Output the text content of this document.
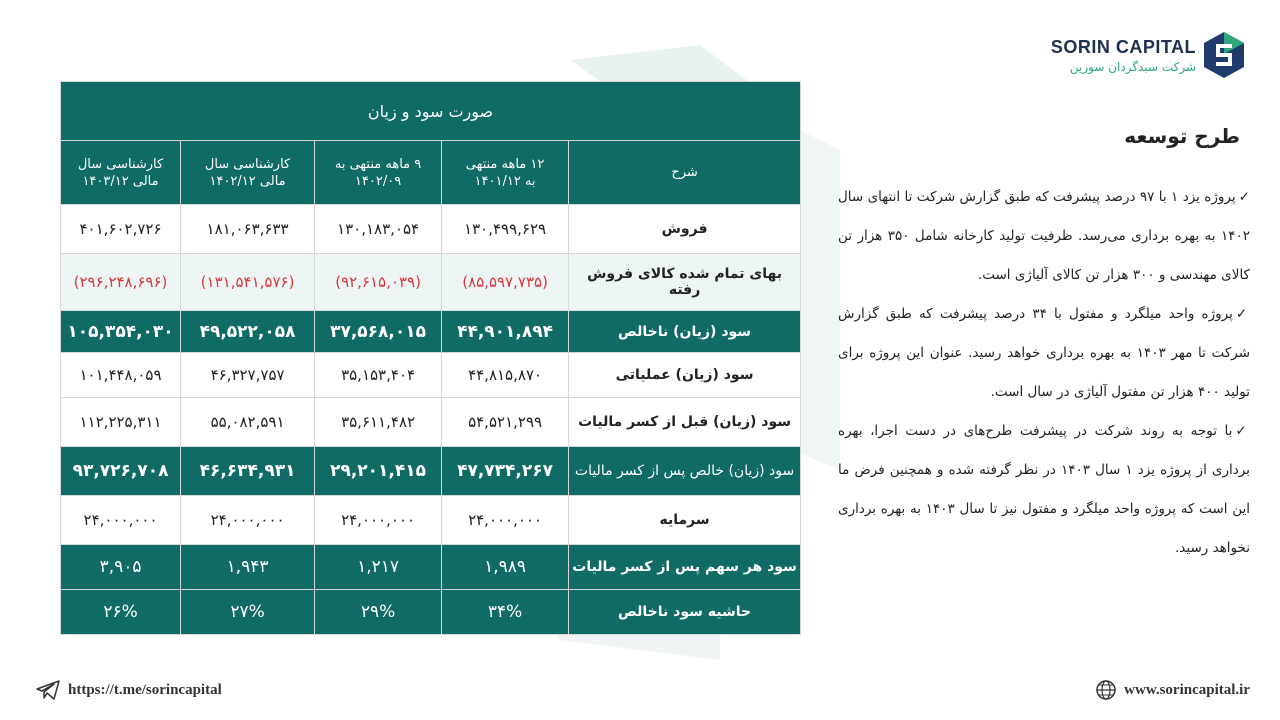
SORIN CAPITAL
شرکت سبدگردان سورین
صورت سود و زیان				
شرح	۱۲ ماهه منتهی به ۱۴۰۱/۱۲	۹ ماهه منتهی به ۱۴۰۲/۰۹	کارشناسی سال مالی ۱۴۰۲/۱۲	کارشناسی سال مالی ۱۴۰۳/۱۲
فروش	۱۳۰,۴۹۹,۶۲۹	۱۳۰,۱۸۳,۰۵۴	۱۸۱,۰۶۳,۶۳۳	۴۰۱,۶۰۲,۷۲۶
بهای تمام شده کالای فروش رفته	(۸۵,۵۹۷,۷۳۵)	(۹۲,۶۱۵,۰۳۹)	(۱۳۱,۵۴۱,۵۷۶)	(۲۹۶,۲۴۸,۶۹۶)
سود (زیان) ناخالص	۴۴,۹۰۱,۸۹۴	۳۷,۵۶۸,۰۱۵	۴۹,۵۲۲,۰۵۸	۱۰۵,۳۵۴,۰۳۰
سود (زیان) عملیاتی	۴۴,۸۱۵,۸۷۰	۳۵,۱۵۳,۴۰۴	۴۶,۳۲۷,۷۵۷	۱۰۱,۴۴۸,۰۵۹
سود (زیان) قبل از کسر مالیات	۵۴,۵۲۱,۲۹۹	۳۵,۶۱۱,۴۸۲	۵۵,۰۸۲,۵۹۱	۱۱۲,۲۲۵,۳۱۱
سود (زیان) خالص پس از کسر مالیات	۴۷,۷۳۴,۲۶۷	۲۹,۲۰۱,۴۱۵	۴۶,۶۳۴,۹۳۱	۹۳,۷۲۶,۷۰۸
سرمایه	۲۴,۰۰۰,۰۰۰	۲۴,۰۰۰,۰۰۰	۲۴,۰۰۰,۰۰۰	۲۴,۰۰۰,۰۰۰
سود هر سهم پس از کسر مالیات	۱,۹۸۹	۱,۲۱۷	۱,۹۴۳	۳,۹۰۵
حاشیه سود ناخالص	۳۴%	۲۹%	۲۷%	۲۶%
طرح توسعه

✓پروژه یزد ۱ با ۹۷ درصد پیشرفت که طبق گزارش شرکت تا انتهای سال ۱۴۰۲ به بهره برداری می‌رسد. ظرفیت تولید کارخانه شامل ۳۵۰ هزار تن کالای مهندسی و ۳۰۰ هزار تن کالای آلیاژی است.

✓پروژه واحد میلگرد و مفتول با ۳۴ درصد پیشرفت که طبق گزارش شرکت تا مهر ۱۴۰۳ به بهره برداری خواهد رسید. عنوان این پروژه برای تولید ۴۰۰ هزار تن مفتول آلیاژی در سال است.

✓با توجه به روند شرکت در پیشرفت طرح‌های در دست اجرا، بهره برداری از پروژه یزد ۱ سال ۱۴۰۳ در نظر گرفته شده و همچنین فرض ما این است که پروژه واحد میلگرد و مفتول نیز تا سال ۱۴۰۳ به بهره برداری نخواهد رسید.

https://t.me/sorincapital	www.sorincapital.ir
